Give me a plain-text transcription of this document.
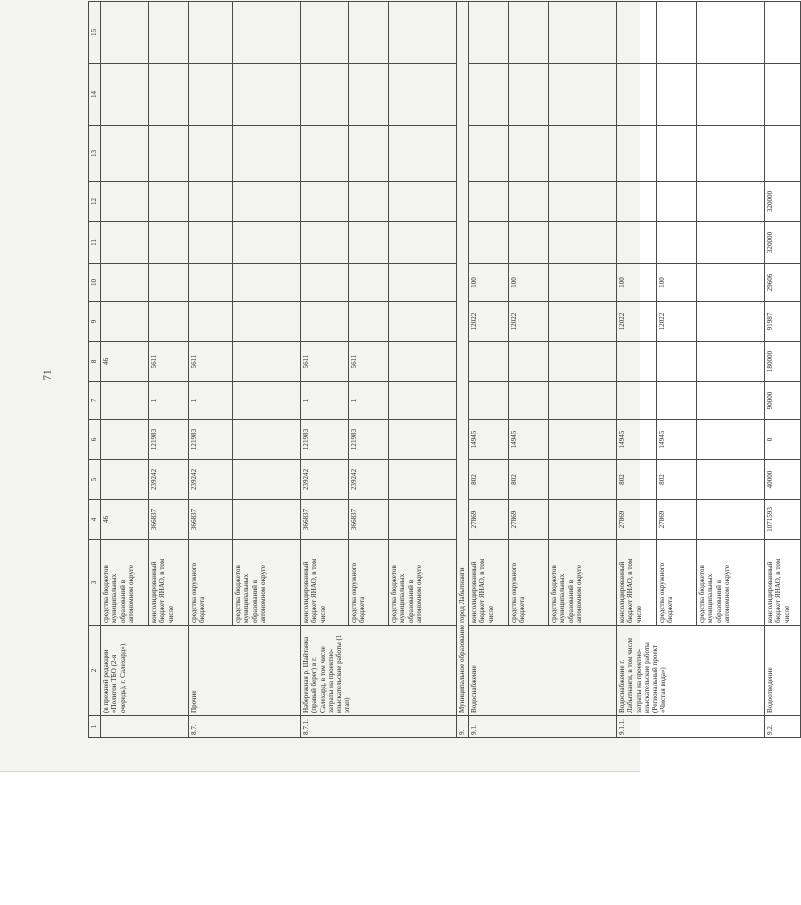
71
1	2	3	4	5	6	7	8	9	10	11	12	13	14	15
	(в прежней редакции «Полигон ТБО (2-я очередь), г. Салехард»)	средства бюджетов муниципальных образований в автономном округе	46				46							
		консолидированный бюджет ЯНАО, в том числе	366837	239242	121983	1	5611							
8.7.	Прочие	средства окружного бюджета	366837	239242	121983	1	5611							
		средства бюджетов муниципальных образований в автономном округе												
8.7.1.	Набережная р. Шайтанка (правый берег) в г. Салехард, в том числе затраты на проектно-изыскательские работы (1 этап)	консолидированный бюджет ЯНАО, в том числе	366837	239242	121983	1	5611							
		средства окружного бюджета	366837	239242	121983	1	5611							
		средства бюджетов муниципальных образований в автономном округе												
9.	Муниципальное образование город Лабытнанги													
9.1.	Водоснабжение	консолидированный бюджет ЯНАО, в том числе	27869	802	14945			12022	100					
		средства окружного бюджета	27869	802	14945			12022	100					
		средства бюджетов муниципальных образований в автономном округе												
9.1.1.	Водоснабжение г. Лабытнанги, в том числе затраты на проектно-изыскательские работы (Региональный проект «Чистая вода»)	консолидированный бюджет ЯНАО, в том числе	27869	802	14945			12022	100					
		средства окружного бюджета	27869	802	14945			12022	100					
		средства бюджетов муниципальных образований в автономном округе												
9.2.	Водоотведение	консолидированный бюджет ЯНАО, в том числе	1071593	40000	0	90000	180000	91987	29606	320000	320000			
